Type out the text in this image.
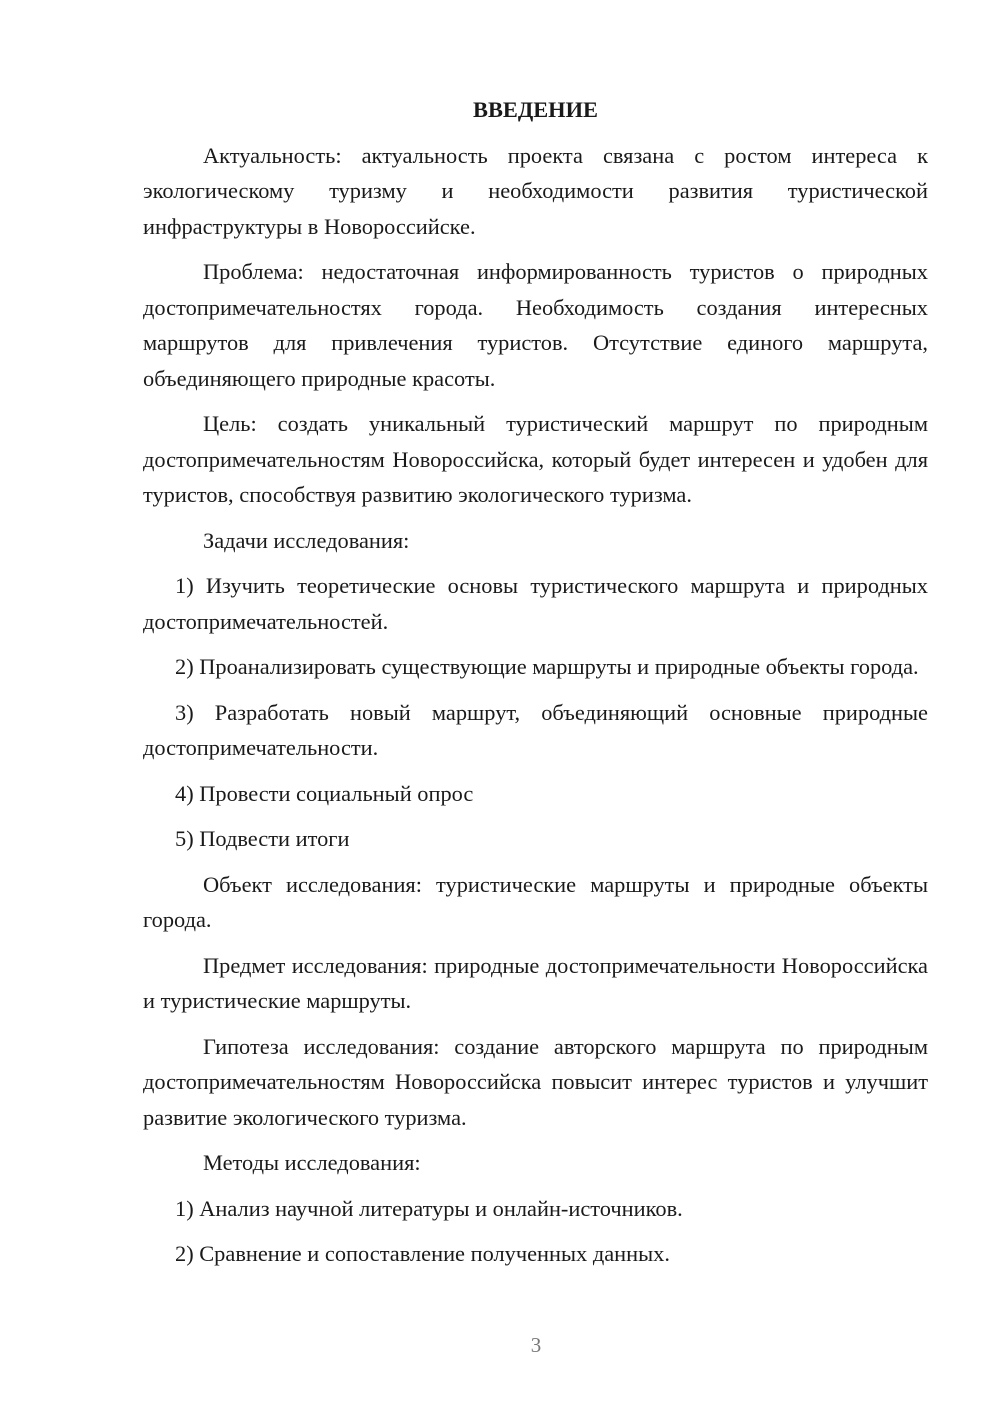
ВВЕДЕНИЕ

Актуальность: актуальность проекта связана с ростом интереса к экологическому туризму и необходимости развития туристической инфраструктуры в Новороссийске.

Проблема: недостаточная информированность туристов о природных достопримечательностях города. Необходимость создания интересных маршрутов для привлечения туристов. Отсутствие единого маршрута, объединяющего природные красоты.

Цель: создать уникальный туристический маршрут по природным достопримечательностям Новороссийска, который будет интересен и удобен для туристов, способствуя развитию экологического туризма.

Задачи исследования:

1) Изучить теоретические основы туристического маршрута и природных достопримечательностей.

2) Проанализировать существующие маршруты и природные объекты города.

3) Разработать новый маршрут, объединяющий основные природные достопримечательности.

4) Провести социальный опрос

5) Подвести итоги

Объект исследования: туристические маршруты и природные объекты города.

Предмет исследования: природные достопримечательности Новороссийска и туристические маршруты.

Гипотеза исследования: создание авторского маршрута по природным достопримечательностям Новороссийска повысит интерес туристов и улучшит развитие экологического туризма.

Методы исследования:

1) Анализ научной литературы и онлайн-источников.

2) Сравнение и сопоставление полученных данных.

3
